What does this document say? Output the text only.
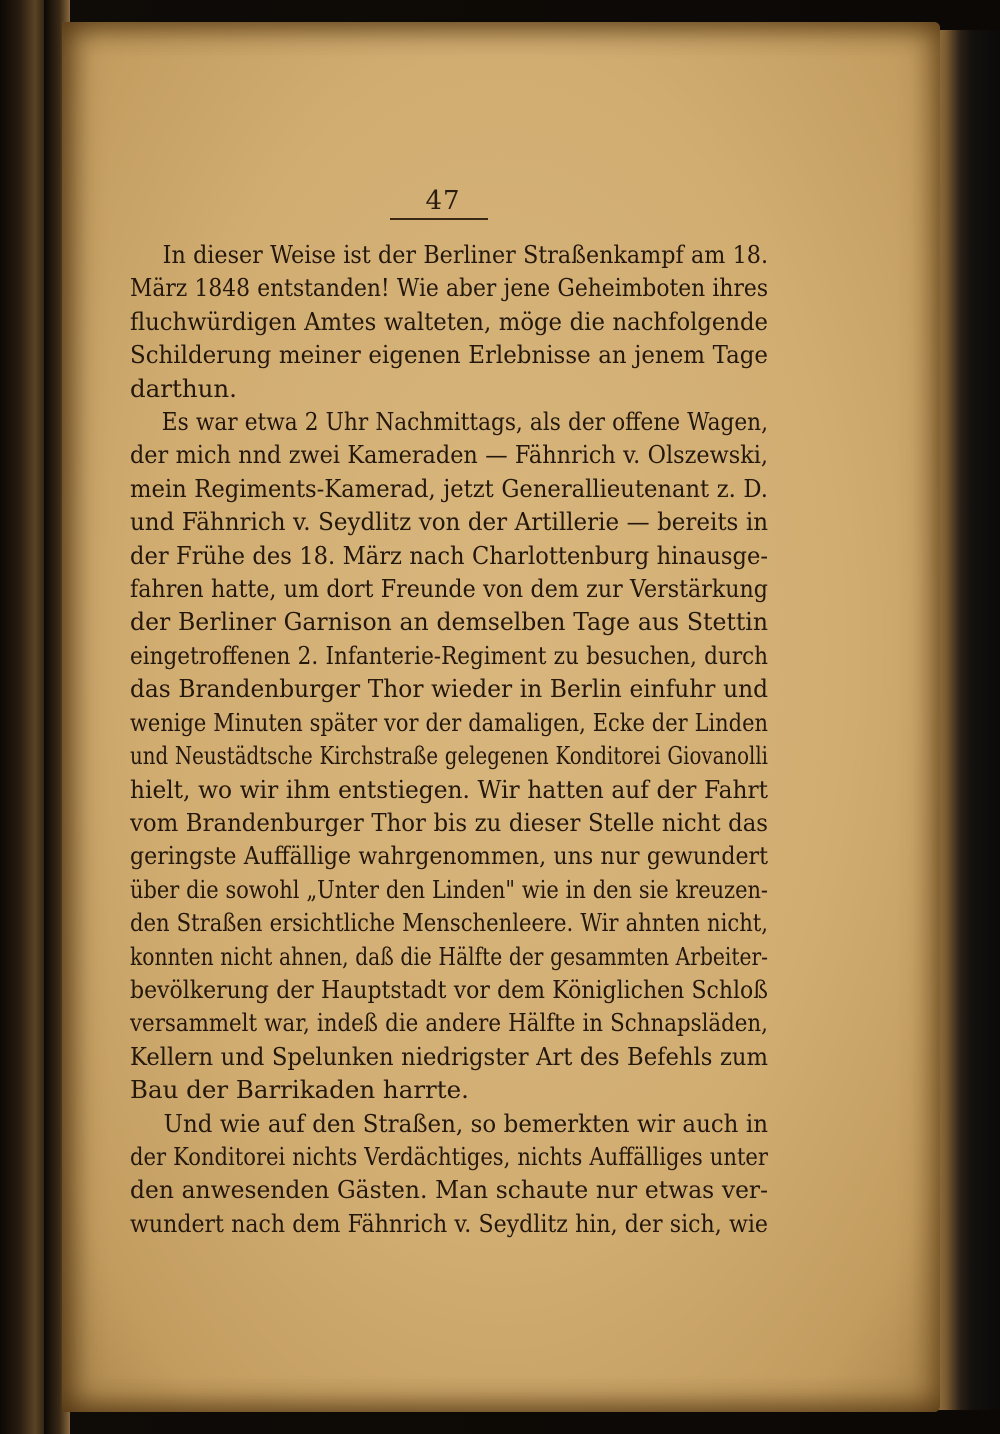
47
In dieser Weise ist der Berliner Straßenkampf am 18.
März 1848 entstanden! Wie aber jene Geheimboten ihres
fluchwürdigen Amtes walteten, möge die nachfolgende
Schilderung meiner eigenen Erlebnisse an jenem Tage
darthun.
Es war etwa 2 Uhr Nachmittags, als der offene Wagen,
der mich nnd zwei Kameraden — Fähnrich v. Olszewski,
mein Regiments-Kamerad, jetzt Generallieutenant z. D.
und Fähnrich v. Seydlitz von der Artillerie — bereits in
der Frühe des 18. März nach Charlottenburg hinausge-
fahren hatte, um dort Freunde von dem zur Verstärkung
der Berliner Garnison an demselben Tage aus Stettin
eingetroffenen 2. Infanterie-Regiment zu besuchen, durch
das Brandenburger Thor wieder in Berlin einfuhr und
wenige Minuten später vor der damaligen, Ecke der Linden
und Neustädtsche Kirchstraße gelegenen Konditorei Giovanolli
hielt, wo wir ihm entstiegen. Wir hatten auf der Fahrt
vom Brandenburger Thor bis zu dieser Stelle nicht das
geringste Auffällige wahrgenommen, uns nur gewundert
über die sowohl „Unter den Linden" wie in den sie kreuzen-
den Straßen ersichtliche Menschenleere. Wir ahnten nicht,
konnten nicht ahnen, daß die Hälfte der gesammten Arbeiter-
bevölkerung der Hauptstadt vor dem Königlichen Schloß
versammelt war, indeß die andere Hälfte in Schnapsläden,
Kellern und Spelunken niedrigster Art des Befehls zum
Bau der Barrikaden harrte.
Und wie auf den Straßen, so bemerkten wir auch in
der Konditorei nichts Verdächtiges, nichts Auffälliges unter
den anwesenden Gästen. Man schaute nur etwas ver-
wundert nach dem Fähnrich v. Seydlitz hin, der sich, wie
